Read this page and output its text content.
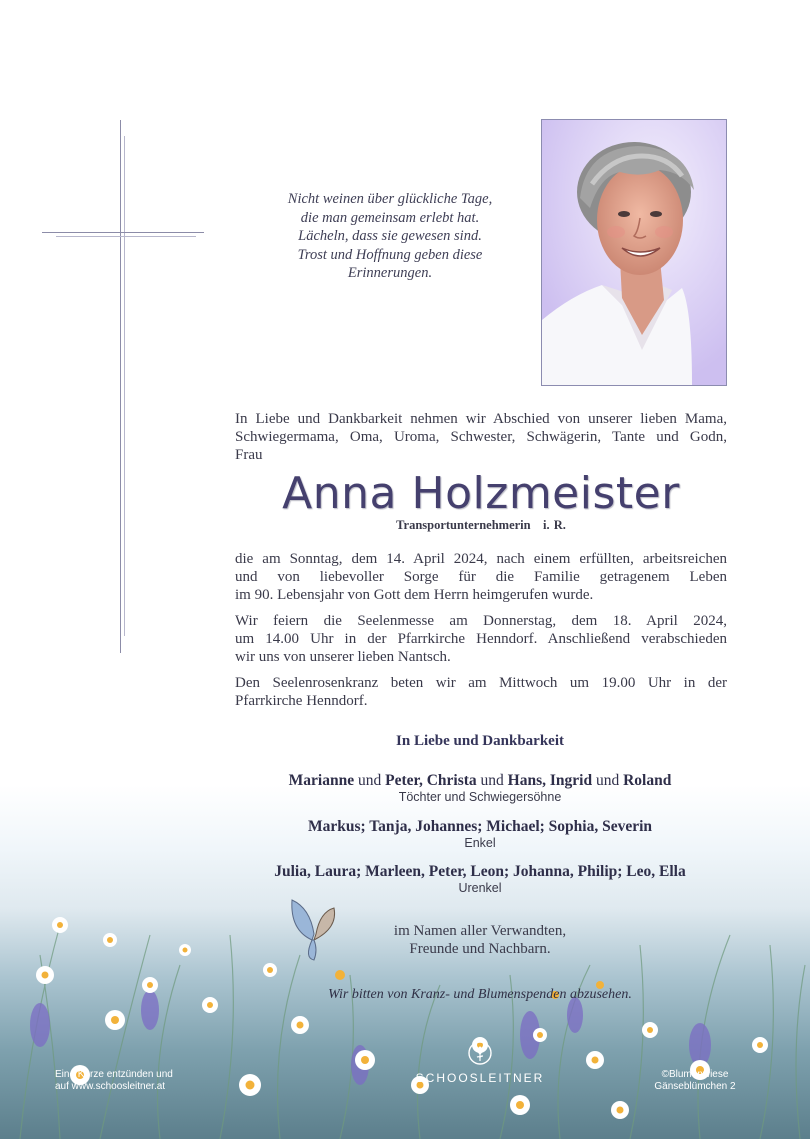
Nicht weinen über glückliche Tage,
die man gemeinsam erlebt hat.
Lächeln, dass sie gewesen sind.
Trost und Hoffnung geben diese
Erinnerungen.
In Liebe und Dankbarkeit nehmen wir Abschied von unserer lieben Mama,
Schwiegermama, Oma, Uroma, Schwester, Schwägerin, Tante und Godn,
Frau
Anna Holzmeister
Transportunternehmerin   i. R.
die am Sonntag, dem 14. April 2024, nach einem erfüllten, arbeitsreichen
und von liebevoller Sorge für die Familie getragenem Leben
im 90. Lebensjahr von Gott dem Herrn heimgerufen wurde.
Wir feiern die Seelenmesse am Donnerstag, dem 18. April 2024,
um 14.00 Uhr in der Pfarrkirche Henndorf. Anschließend verabschieden
wir uns von unserer lieben Nantsch.
Den Seelenrosenkranz beten wir am Mittwoch um 19.00 Uhr in der
Pfarrkirche Henndorf.
In Liebe und Dankbarkeit
Marianne und Peter, Christa und Hans, Ingrid und Roland
Töchter und Schwiegersöhne
Markus; Tanja, Johannes; Michael; Sophia, Severin
Enkel
Julia, Laura; Marleen, Peter, Leon; Johanna, Philip; Leo, Ella
Urenkel
im Namen aller Verwandten,
Freunde und Nachbarn.
Wir bitten von Kranz- und Blumenspenden abzusehen.
Eine Kerze entzünden und
auf www.schoosleitner.at
SCHOOSLEITNER	©Blumenwiese
Gänseblümchen 2
